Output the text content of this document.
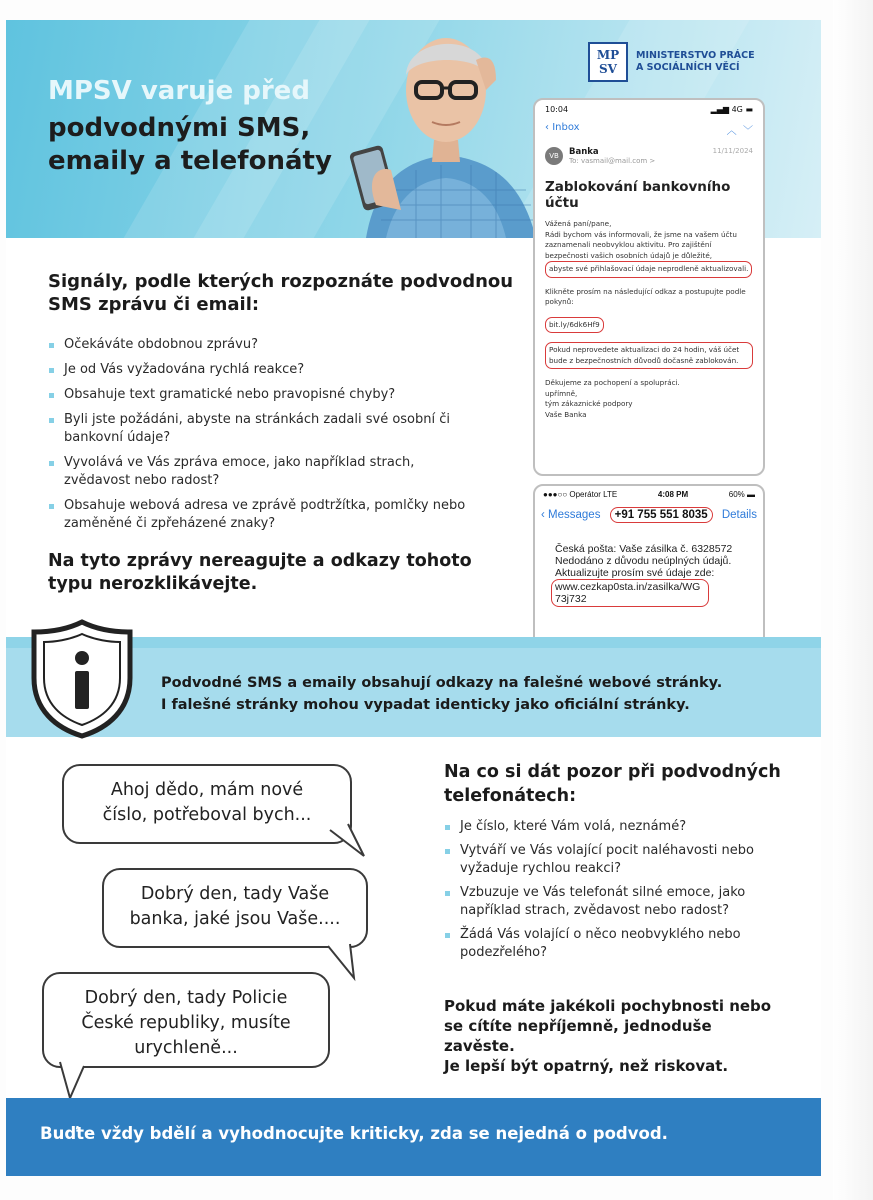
MPSV varuje před
podvodnými SMS,
emaily a telefonáty
MP
SV
MINISTERSTVO PRÁCE
A SOCIÁLNÍCH VĚCÍ
10:04	▂▄▆ 4G ▬
‹ Inbox	︿ ﹀
VB	Banka
To: vasmail@mail.com >
11/11/2024
Zablokování bankovního účtu

Vážená paní/pane,

Rádi bychom vás informovali, že jsme na vašem účtu zaznamenali neobvyklou aktivitu. Pro zajištění bezpečnosti vašich osobních údajů je důležité,

abyste své přihlašovací údaje neprodleně aktualizovali.

Klikněte prosím na následující odkaz a postupujte podle pokynů:

bit.ly/6dk6Hf9

Pokud neprovedete aktualizaci do 24 hodin, váš účet bude z bezpečnostních důvodů dočasně zablokován.

Děkujeme za pochopení a spolupráci.

upřímně,
tým zákaznické podpory
Vaše Banka
●●●○○ Operátor LTE	4:08 PM	60% ▬
‹ Messages	+91 755 551 8035	Details
Česká pošta: Vaše zásilka č. 6328572 Nedodáno z důvodu neúplných údajů. Aktualizujte prosím své údaje zde:
www.cezkap0sta.in/zasilka/WG73j732
Signály, podle kterých rozpoznáte podvodnou SMS zprávu či email:
Očekáváte obdobnou zprávu?
Je od Vás vyžadována rychlá reakce?
Obsahuje text gramatické nebo pravopisné chyby?
Byli jste požádáni, abyste na stránkách zadali své osobní či bankovní údaje?
Vyvolává ve Vás zpráva emoce, jako například strach, zvědavost nebo radost?
Obsahuje webová adresa ve zprávě podtržítka, pomlčky nebo zaměněné či zpřeházené znaky?
Na tyto zprávy nereagujte a odkazy tohoto typu nerozklikávejte.
Podvodné SMS a emaily obsahují odkazy na falešné webové stránky.
I falešné stránky mohou vypadat identicky jako oficiální stránky.
Ahoj dědo, mám nové číslo, potřeboval bych...
Dobrý den, tady Vaše banka, jaké jsou Vaše....
Dobrý den, tady Policie České republiky, musíte urychleně...
Na co si dát pozor při podvodných telefonátech:
Je číslo, které Vám volá, neznámé?
Vytváří ve Vás volající pocit naléhavosti nebo vyžaduje rychlou reakci?
Vzbuzuje ve Vás telefonát silné emoce, jako například strach, zvědavost nebo radost?
Žádá Vás volající o něco neobvyklého nebo podezřelého?
Pokud máte jakékoli pochybnosti nebo se cítíte nepříjemně, jednoduše zavěste.
Je lepší být opatrný, než riskovat.
Buďte vždy bdělí a vyhodnocujte kriticky, zda se nejedná o podvod.
